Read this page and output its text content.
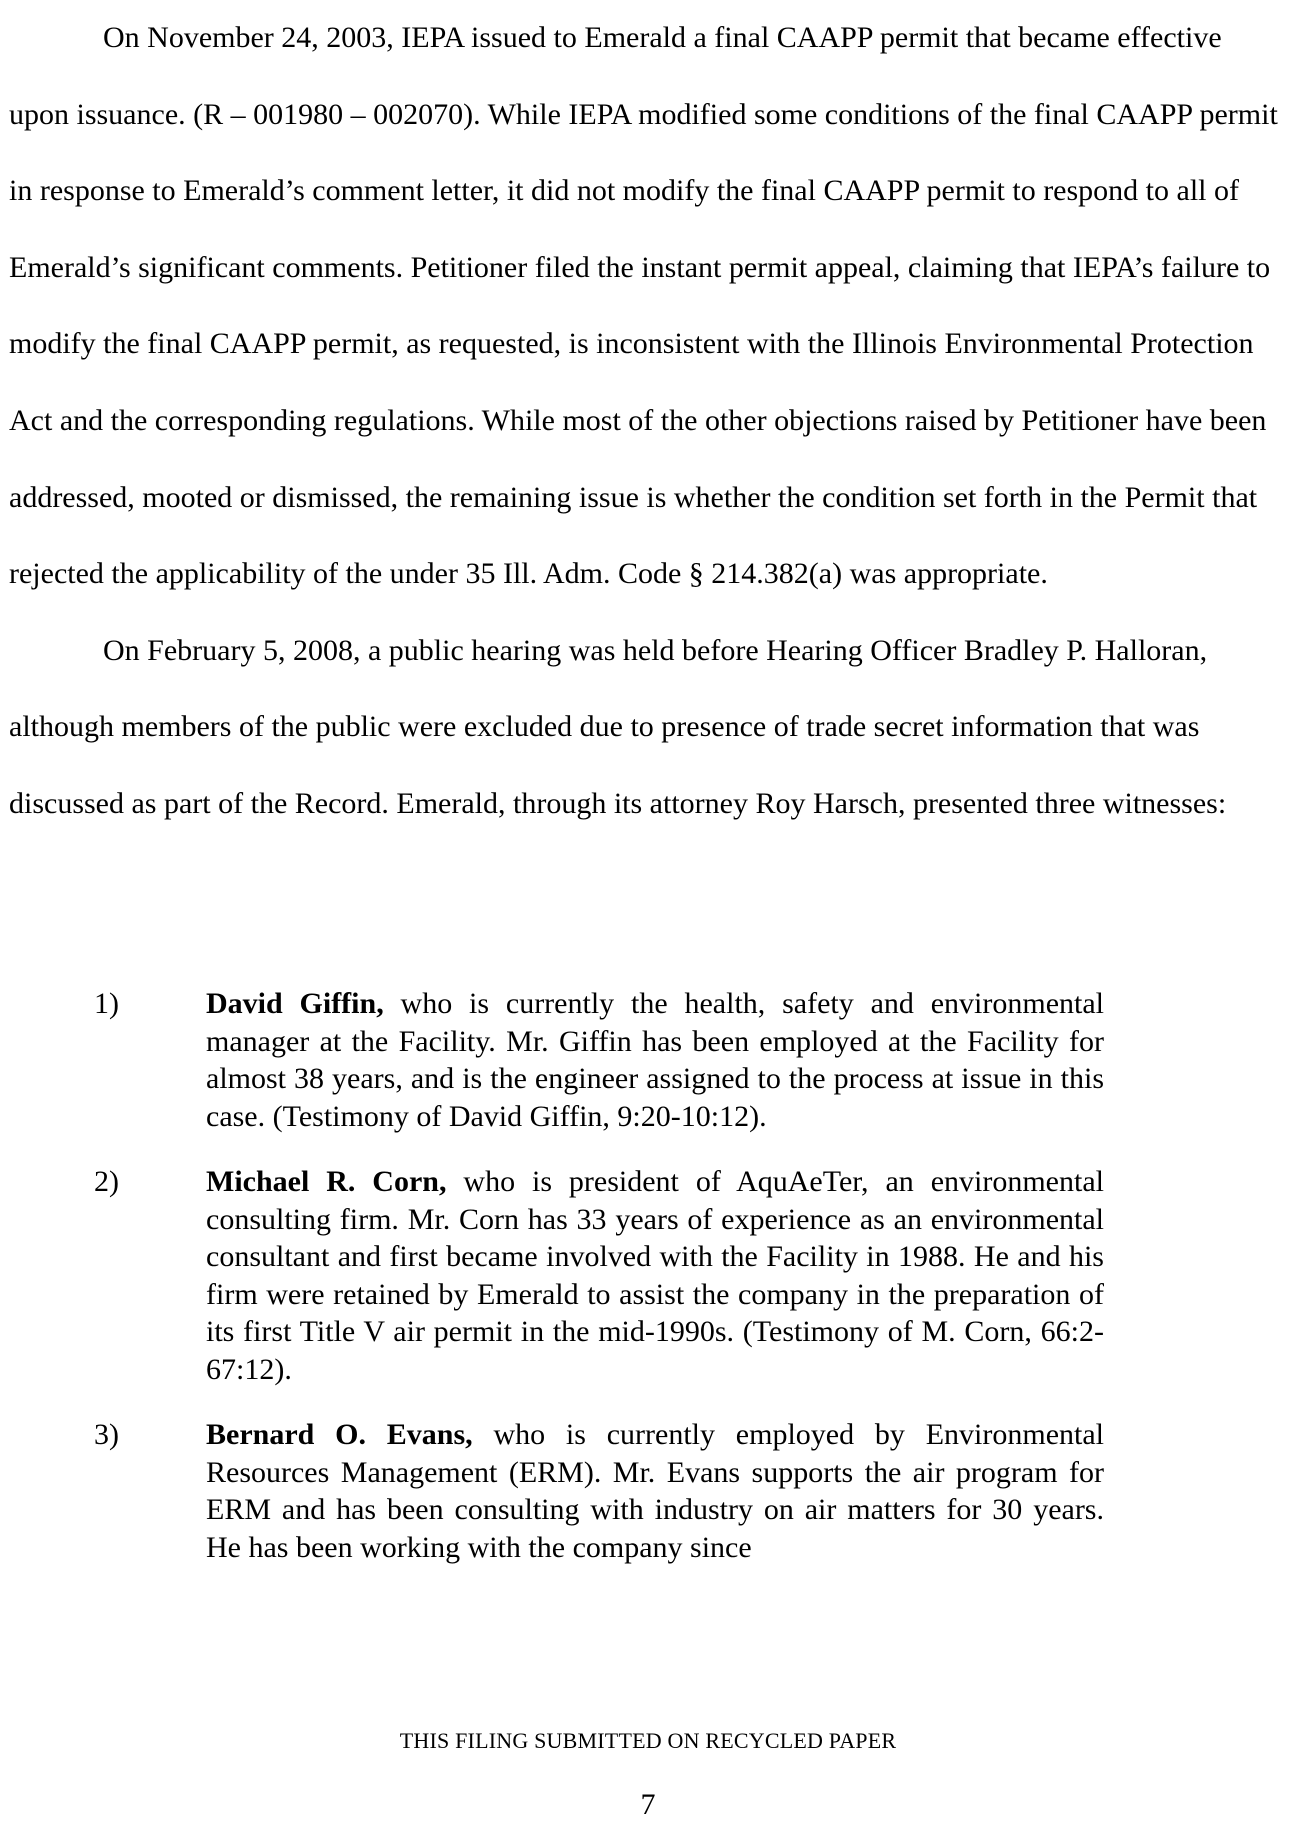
On November 24, 2003, IEPA issued to Emerald a final CAAPP permit that became effective upon issuance. (R – 001980 – 002070). While IEPA modified some conditions of the final CAAPP permit in response to Emerald’s comment letter, it did not modify the final CAAPP permit to respond to all of Emerald’s significant comments. Petitioner filed the instant permit appeal, claiming that IEPA’s failure to modify the final CAAPP permit, as requested, is inconsistent with the Illinois Environmental Protection Act and the corresponding regulations. While most of the other objections raised by Petitioner have been addressed, mooted or dismissed, the remaining issue is whether the condition set forth in the Permit that rejected the applicability of the under 35 Ill. Adm. Code § 214.382(a) was appropriate.

On February 5, 2008, a public hearing was held before Hearing Officer Bradley P. Halloran, although members of the public were excluded due to presence of trade secret information that was discussed as part of the Record. Emerald, through its attorney Roy Harsch, presented three witnesses:

1)	David Giffin, who is currently the health, safety and environmental manager at the Facility. Mr. Giffin has been employed at the Facility for almost 38 years, and is the engineer assigned to the process at issue in this case. (Testimony of David Giffin, 9:20-10:12).
2)	Michael R. Corn, who is president of AquAeTer, an environmental consulting firm. Mr. Corn has 33 years of experience as an environmental consultant and first became involved with the Facility in 1988. He and his firm were retained by Emerald to assist the company in the preparation of its first Title V air permit in the mid-1990s. (Testimony of M. Corn, 66:2-67:12).
3)	Bernard O. Evans, who is currently employed by Environmental Resources Management (ERM). Mr. Evans supports the air program for ERM and has been consulting with industry on air matters for 30 years. He has been working with the company since
THIS FILING SUBMITTED ON RECYCLED PAPER
7
